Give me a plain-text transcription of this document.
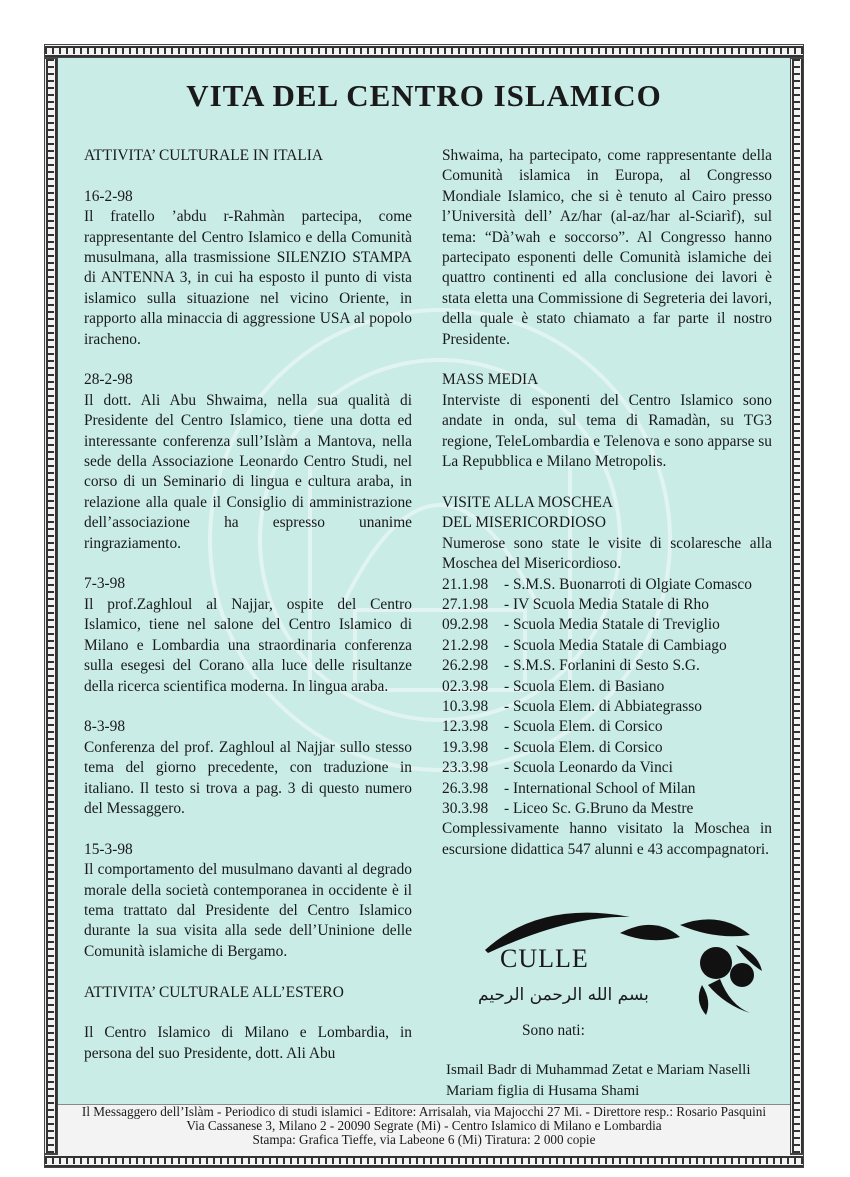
VITA DEL CENTRO ISLAMICO

ATTIVITA’ CULTURALE IN ITALIA

16-2-98

Il fratello ’abdu r-Rahmàn partecipa, come rappresentante del Centro Islamico e della Comunità musulmana, alla trasmissione SILENZIO STAMPA di ANTENNA 3, in cui ha esposto il punto di vista islamico sulla situazione nel vicino Oriente, in rapporto alla minaccia di aggressione USA al popolo iracheno.

28-2-98

Il dott. Ali Abu Shwaima, nella sua qualità di Presidente del Centro Islamico, tiene una dotta ed interessante conferenza sull’Islàm a Mantova, nella sede della Associazione Leonardo Centro Studi, nel corso di un Seminario di lingua e cultura araba, in relazione alla quale il Consiglio di amministrazione dell’associazione ha espresso unanime ringraziamento.

7-3-98

Il prof.Zaghloul al Najjar, ospite del Centro Islamico, tiene nel salone del Centro Islamico di Milano e Lombardia una straordinaria conferenza sulla esegesi del Corano alla luce delle risultanze della ricerca scientifica moderna. In lingua araba.

8-3-98

Conferenza del prof. Zaghloul al Najjar sullo stesso tema del giorno precedente, con traduzione in italiano. Il testo si trova a pag. 3 di questo numero del Messaggero.

15-3-98

Il comportamento del musulmano davanti al degrado morale della società contemporanea in occidente è il tema trattato dal Presidente del Centro Islamico durante la sua visita alla sede dell’Uninione delle Comunità islamiche di Bergamo.

ATTIVITA’ CULTURALE ALL’ESTERO

Il Centro Islamico di Milano e Lombardia, in persona del suo Presidente, dott. Ali Abu

Shwaima, ha partecipato, come rappresentante della Comunità islamica in Europa, al Congresso Mondiale Islamico, che si è tenuto al Cairo presso l’Università dell’ Az/har (al-az/har al-Sciarìf), sul tema: “Dà’wah e soccorso”. Al Congresso hanno partecipato esponenti delle Comunità islamiche dei quattro continenti ed alla conclusione dei lavori è stata eletta una Commissione di Segreteria dei lavori, della quale è stato chiamato a far parte il nostro Presidente.

MASS MEDIA

Interviste di esponenti del Centro Islamico sono andate in onda, sul tema di Ramadàn, su TG3 regione, TeleLombardia e Telenova e sono apparse su La Repubblica e Milano Metropolis.

VISITE ALLA MOSCHEA

DEL MISERICORDIOSO

Numerose sono state le visite di scolaresche alla Moschea del Misericordioso.

21.1.98	- S.M.S. Buonarroti di Olgiate Comasco
27.1.98	- IV Scuola Media Statale di Rho
09.2.98	- Scuola Media Statale di Treviglio
21.2.98	- Scuola Media Statale di Cambiago
26.2.98	- S.M.S. Forlanini di Sesto S.G.
02.3.98	- Scuola Elem. di Basiano
10.3.98	- Scuola Elem. di Abbiategrasso
12.3.98	- Scuola Elem. di Corsico
19.3.98	- Scuola Elem. di Corsico
23.3.98	- Scuola Leonardo da Vinci
26.3.98	- International School of Milan
30.3.98	- Liceo Sc. G.Bruno da Mestre

Complessivamente hanno visitato la Moschea in escursione didattica 547 alunni e 43 accompagnatori.

CULLE
بسم الله الرحمن الرحيم
Sono nati:
Ismail Badr di Muhammad Zetat e Mariam Naselli
Mariam figlia di Husama Shami
Il Messaggero dell’Islàm - Periodico di studi islamici - Editore: Arrisalah, via Majocchi 27 Mi. - Direttore resp.: Rosario Pasquini
Via Cassanese 3, Milano 2 - 20090 Segrate (Mi) - Centro Islamico di Milano e Lombardia
Stampa: Grafica Tieffe, via Labeone 6 (Mi) Tiratura: 2 000 copie
